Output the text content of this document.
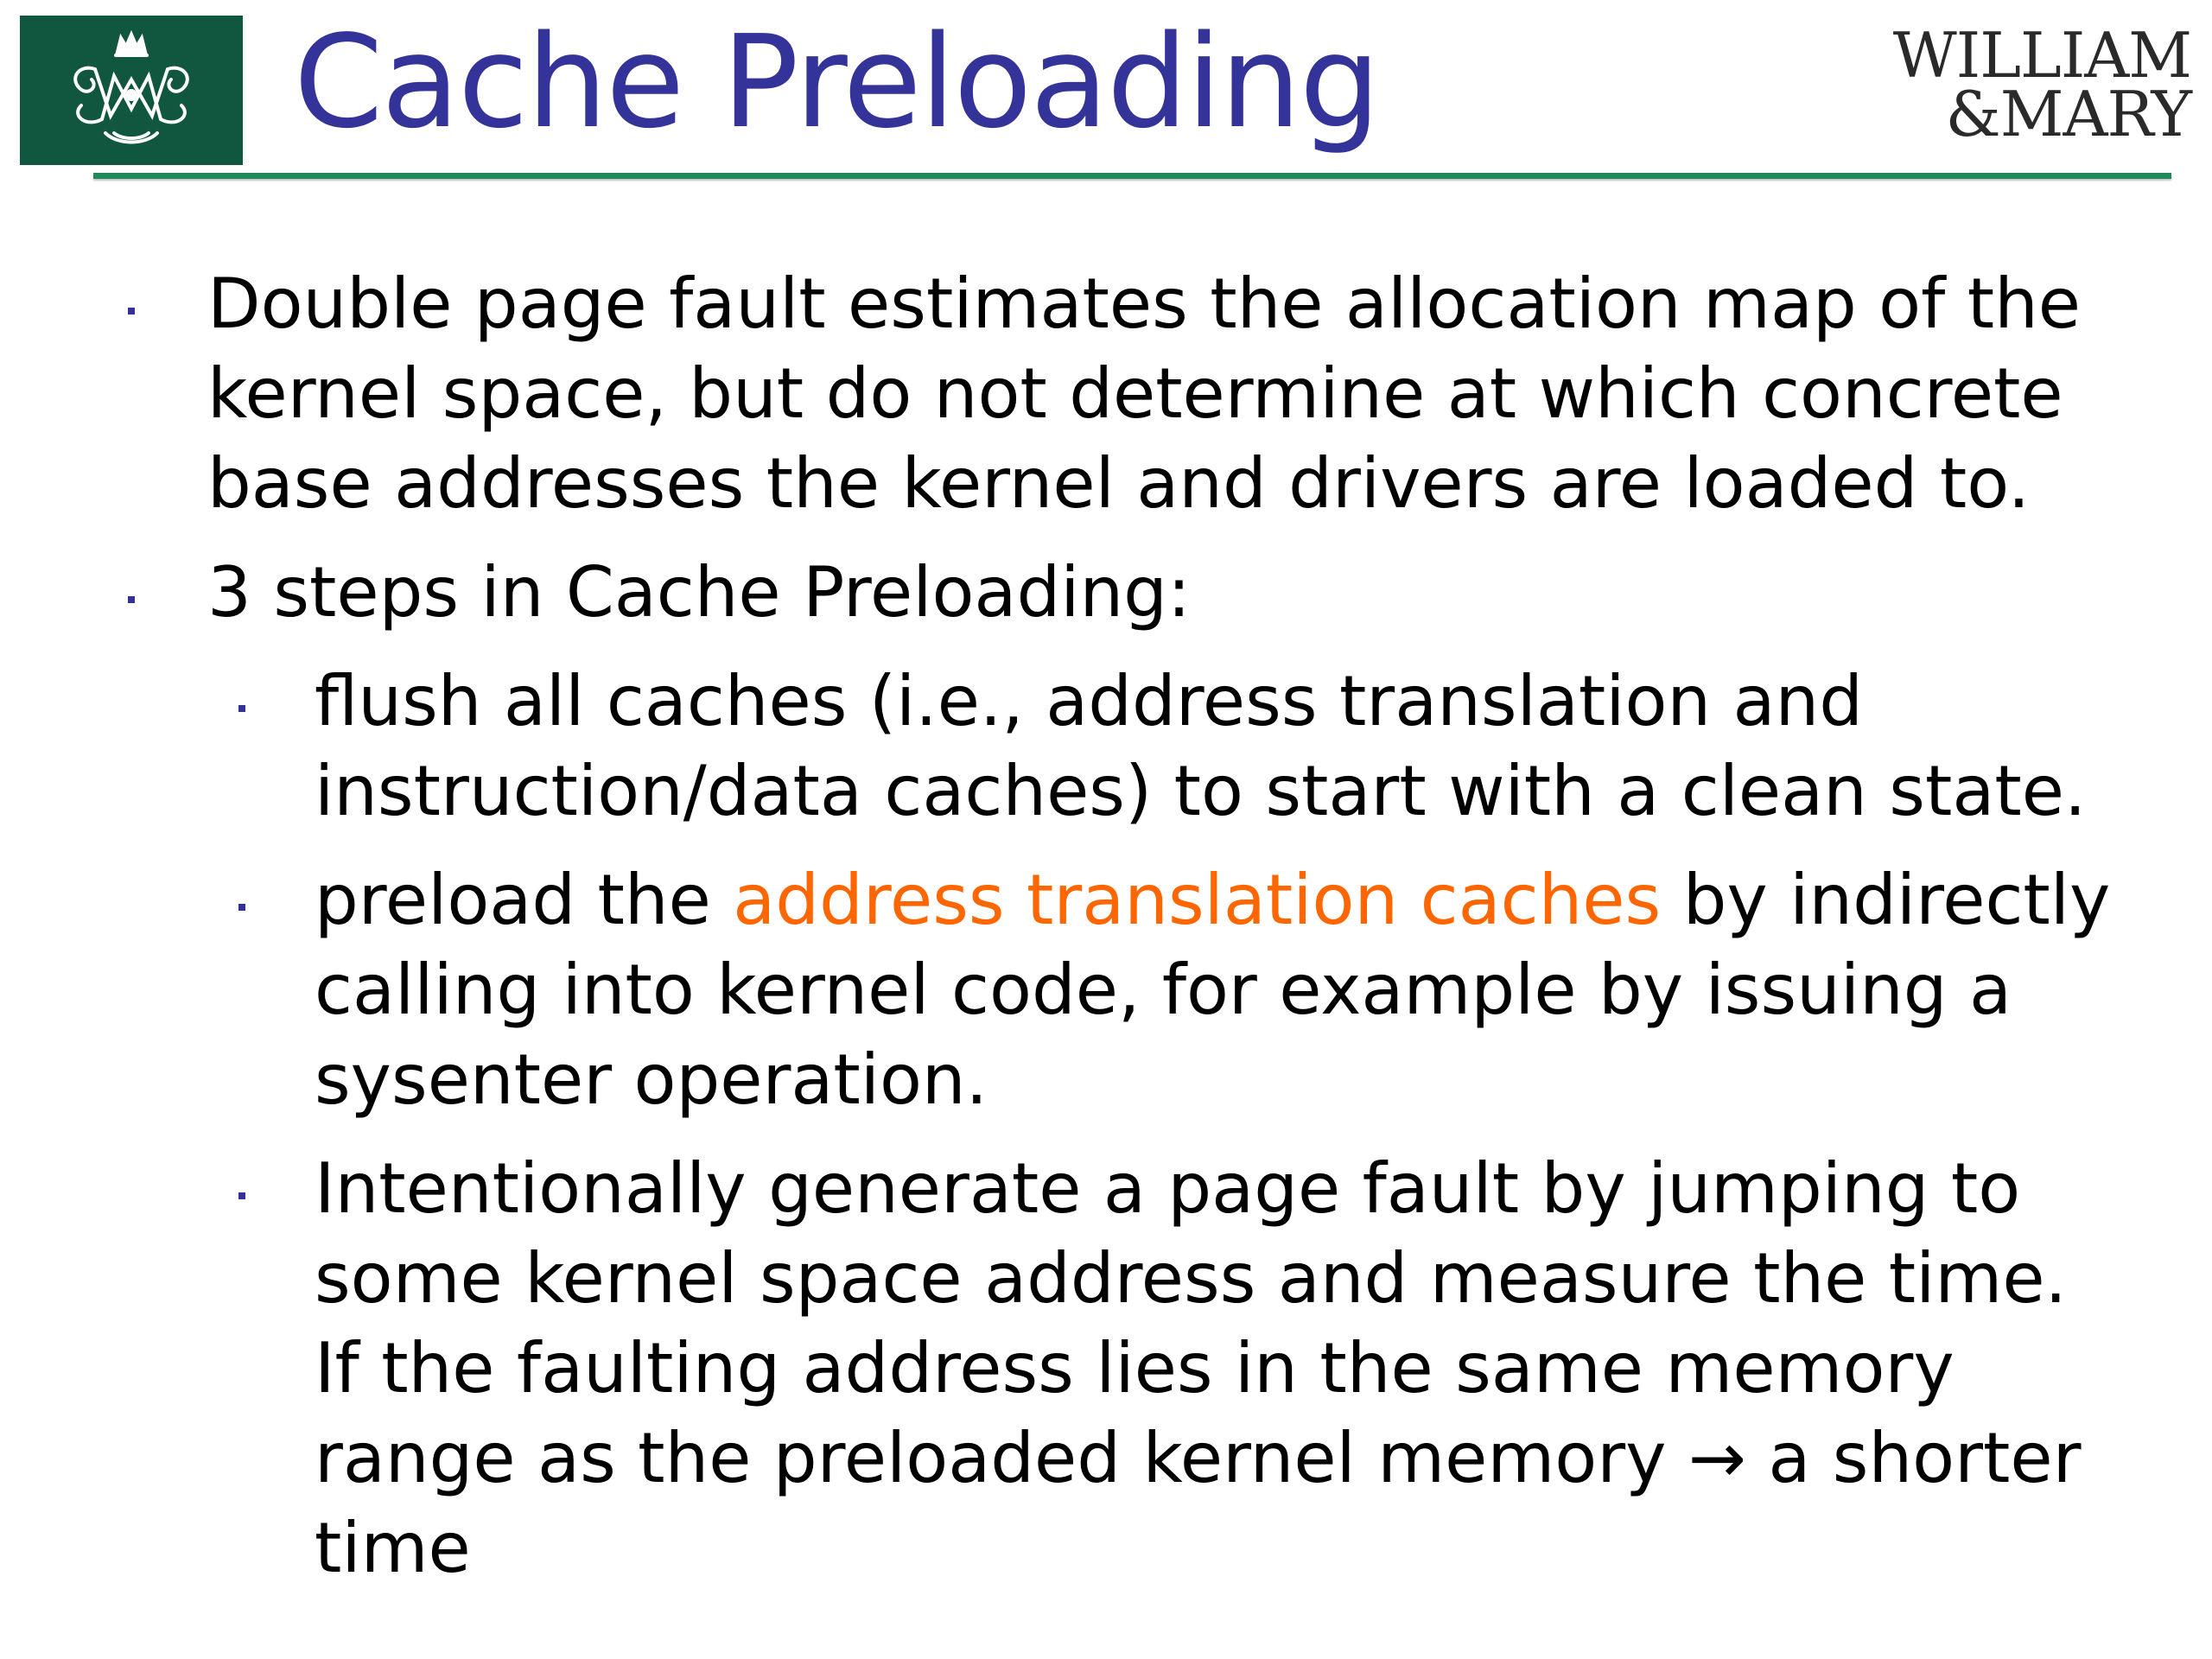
Cache Preloading	WILLIAM
&MARY
Double page fault estimates the allocation map of the kernel space, but do not determine at which concrete base addresses the kernel and drivers are loaded to.
3 steps in Cache Preloading:
flush all caches (i.e., address translation and instruction/data caches) to start with a clean state.
preload the address translation caches by indirectly calling into kernel code, for example by issuing a sysenter operation.
Intentionally generate a page fault by jumping to some kernel space address and measure the time. If the faulting address lies in the same memory range as the preloaded kernel memory → a shorter time
